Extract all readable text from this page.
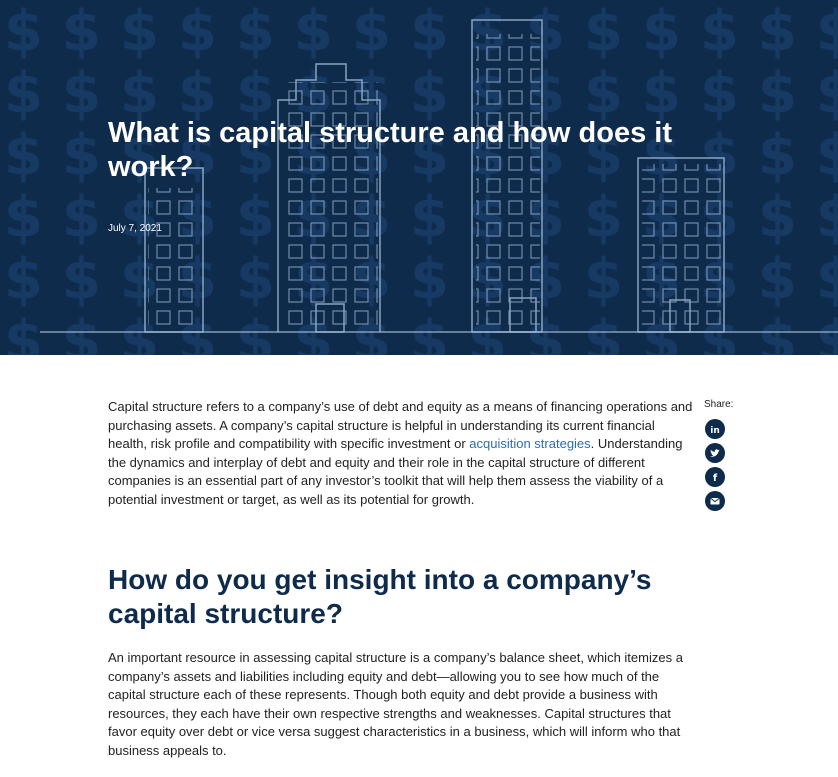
What is capital structure and how does it work?
July 7, 2021

Capital structure refers to a company’s use of debt and equity as a means of financing operations and purchasing assets. A company’s capital structure is helpful in understanding its current financial health, risk profile and compatibility with specific investment or acquisition strategies. Understanding the dynamics and interplay of debt and equity and their role in the capital structure of different companies is an essential part of any investor’s toolkit that will help them assess the viability of a potential investment or target, as well as its potential for growth.

How do you get insight into a company’s capital structure?

An important resource in assessing capital structure is a company’s balance sheet, which itemizes a company’s assets and liabilities including equity and debt—allowing you to see how much of the capital structure each of these represents. Though both equity and debt provide a business with resources, they each have their own respective strengths and weaknesses. Capital structures that favor equity over debt or vice versa suggest characteristics in a business, which will inform who that business appeals to.

Share:
in
f
